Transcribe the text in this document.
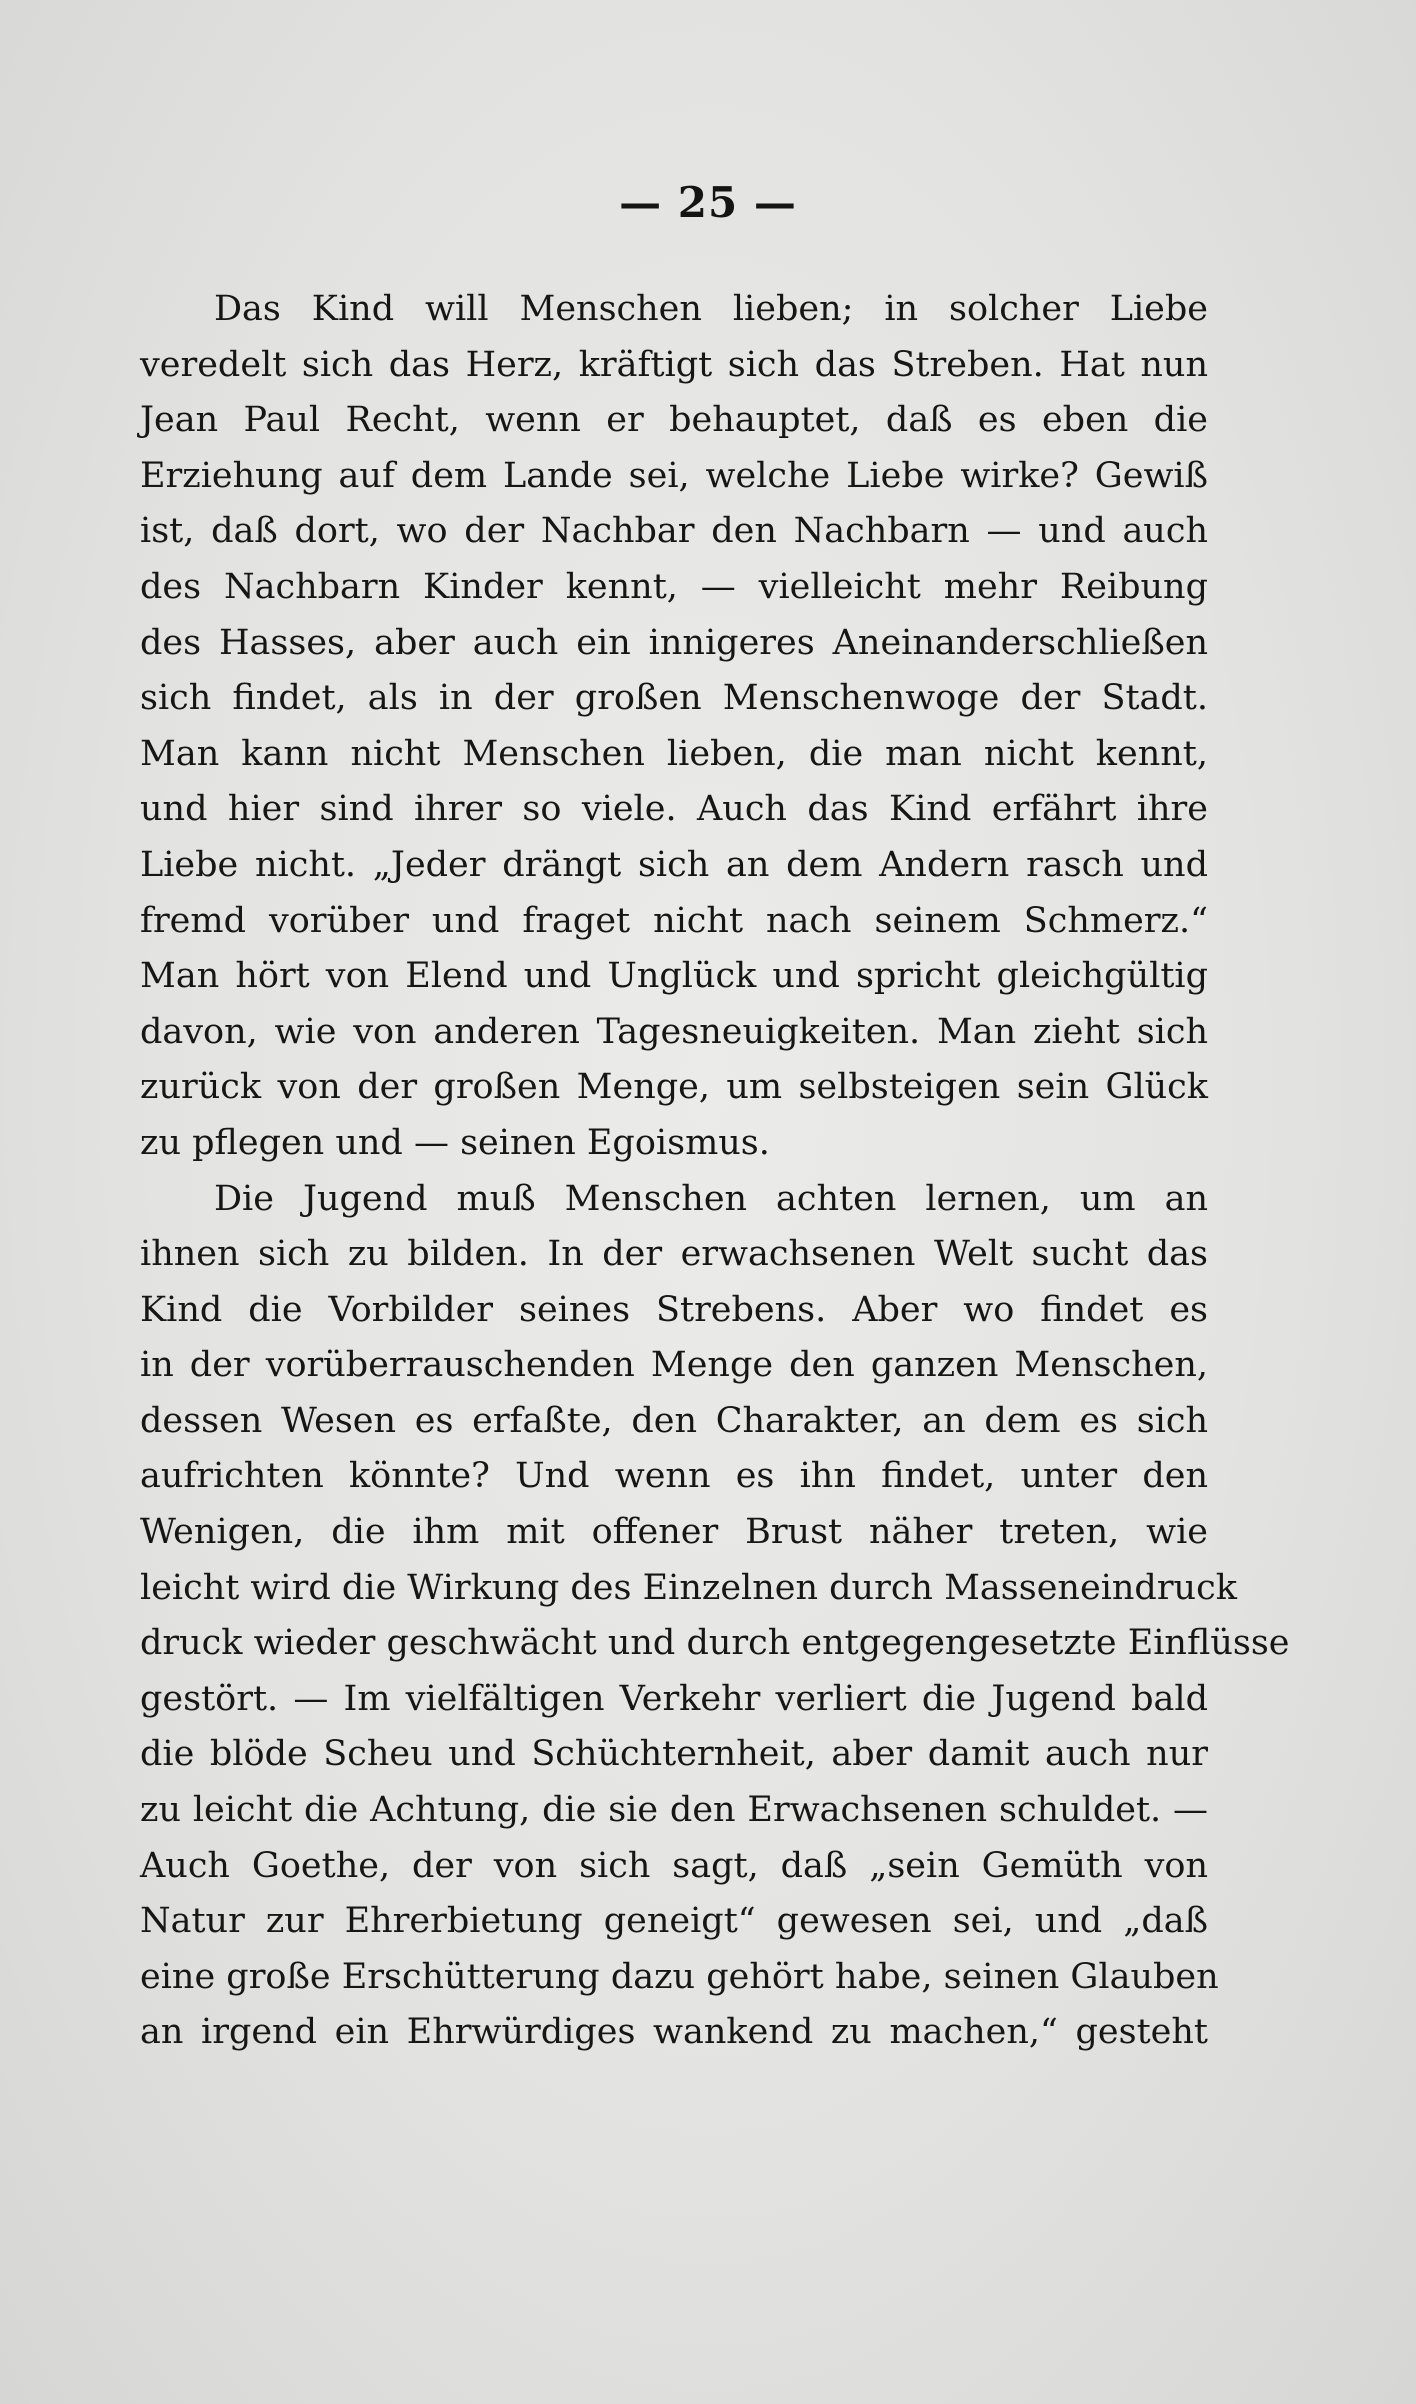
— 25 —
Das Kind will Menschen lieben; in solcher Liebe
veredelt sich das Herz, kräftigt sich das Streben. Hat nun
Jean Paul Recht, wenn er behauptet, daß es eben die
Erziehung auf dem Lande sei, welche Liebe wirke? Gewiß
ist, daß dort, wo der Nachbar den Nachbarn — und auch
des Nachbarn Kinder kennt, — vielleicht mehr Reibung
des Hasses, aber auch ein innigeres Aneinanderschließen
sich findet, als in der großen Menschenwoge der Stadt.
Man kann nicht Menschen lieben, die man nicht kennt,
und hier sind ihrer so viele. Auch das Kind erfährt ihre
Liebe nicht. „Jeder drängt sich an dem Andern rasch und
fremd vorüber und fraget nicht nach seinem Schmerz.“
Man hört von Elend und Unglück und spricht gleichgültig
davon, wie von anderen Tagesneuigkeiten. Man zieht sich
zurück von der großen Menge, um selbsteigen sein Glück
zu pflegen und — seinen Egoismus.
Die Jugend muß Menschen achten lernen, um an
ihnen sich zu bilden. In der erwachsenen Welt sucht das
Kind die Vorbilder seines Strebens. Aber wo findet es
in der vorüberrauschenden Menge den ganzen Menschen,
dessen Wesen es erfaßte, den Charakter, an dem es sich
aufrichten könnte? Und wenn es ihn findet, unter den
Wenigen, die ihm mit offener Brust näher treten, wie
leicht wird die Wirkung des Einzelnen durch Masseneindruck
druck wieder geschwächt und durch entgegengesetzte Einflüsse
gestört. — Im vielfältigen Verkehr verliert die Jugend bald
die blöde Scheu und Schüchternheit, aber damit auch nur
zu leicht die Achtung, die sie den Erwachsenen schuldet. —
Auch Goethe, der von sich sagt, daß „sein Gemüth von
Natur zur Ehrerbietung geneigt“ gewesen sei, und „daß
eine große Erschütterung dazu gehört habe, seinen Glauben
an irgend ein Ehrwürdiges wankend zu machen,“ gesteht
